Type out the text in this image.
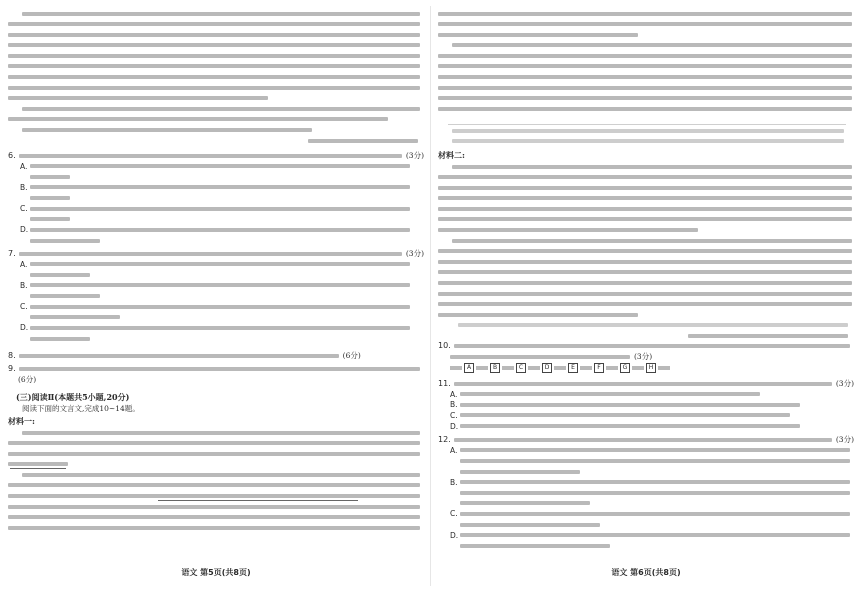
6.	(3分)
A.
B.
C.
D.
7.	(3分)
A.
B.
C.
D.
8.	(6分)
9.
(6分)
(三)阅读Ⅱ(本题共5小题,20分)
阅读下面的文言文,完成10~14题。
材料一:
语文 第5页(共8页)
材料二:
10.
(3分)
A	B	C	D	E	F	G	H
11.	(3分)
A.
B.
C.
D.
12.	(3分)
A.
B.
C.
D.
语文 第6页(共8页)
